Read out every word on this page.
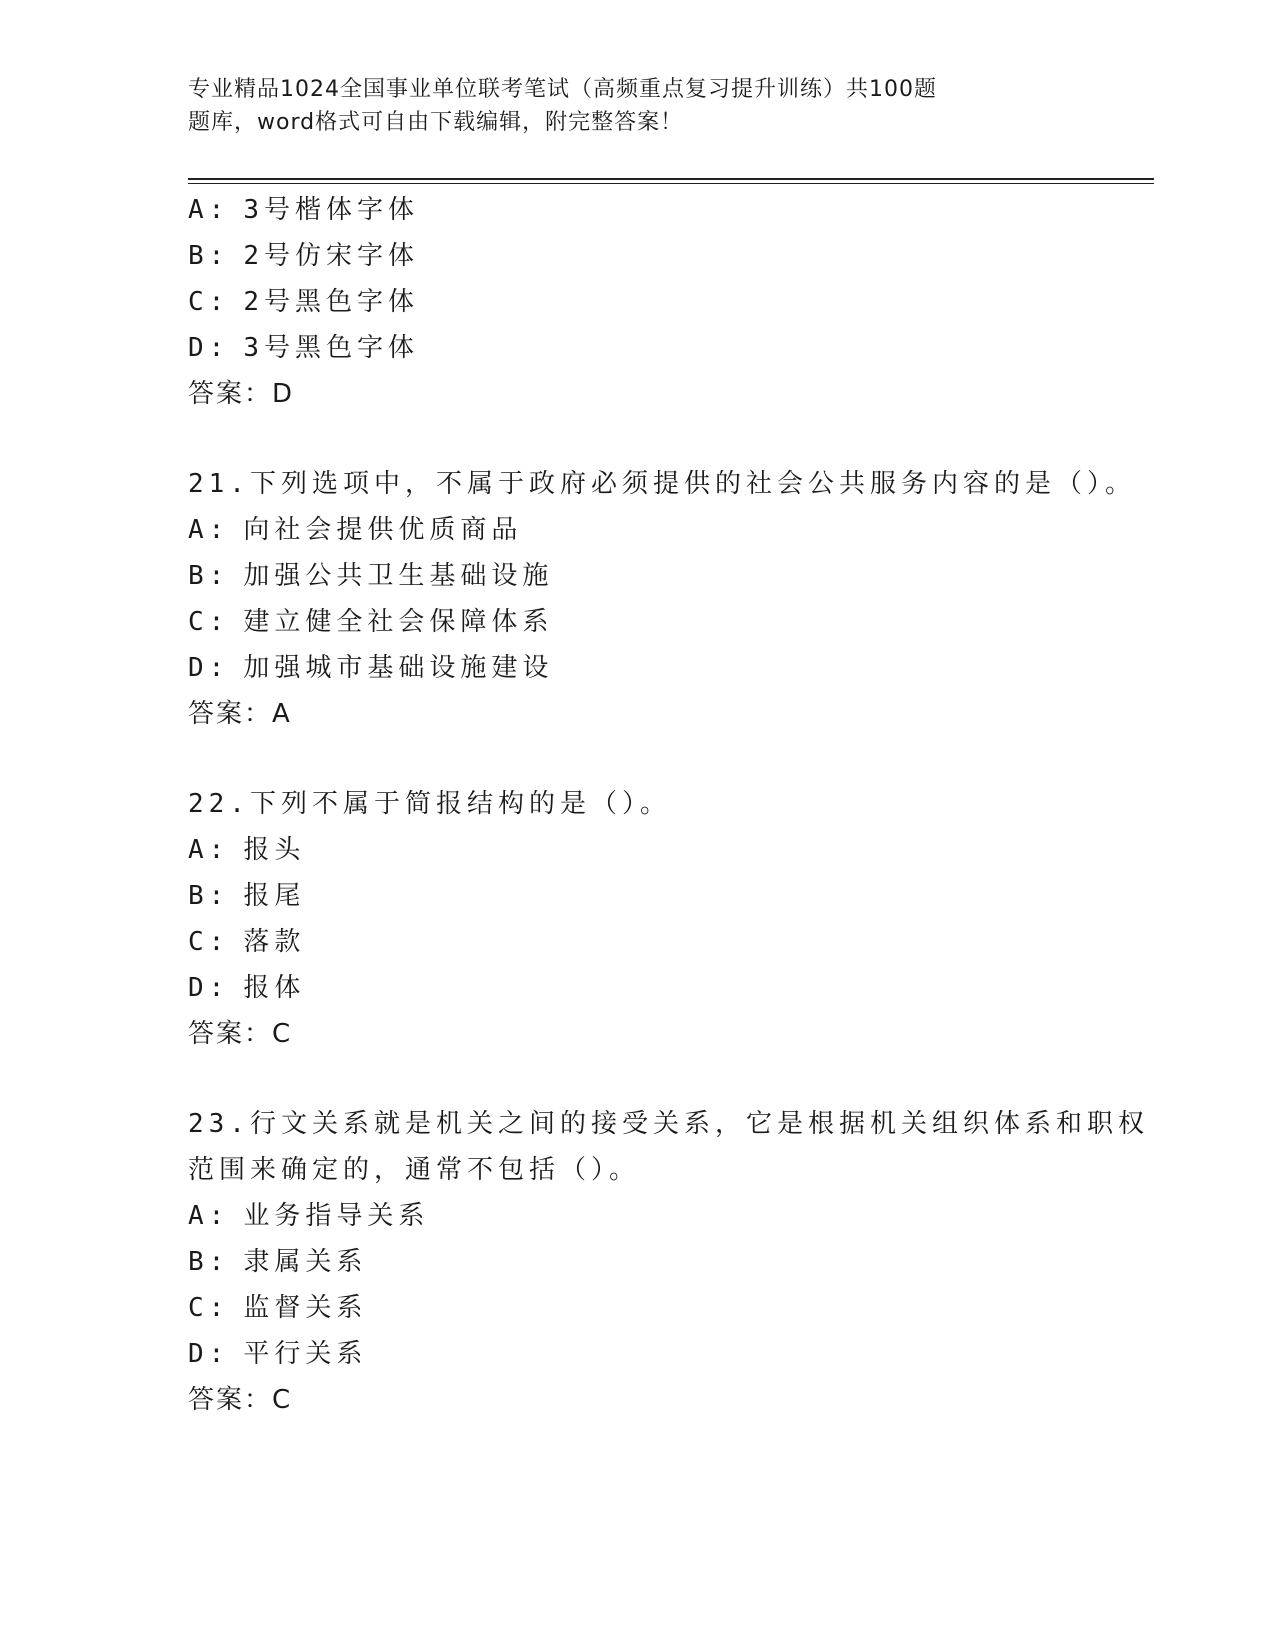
专业精品1024全国事业单位联考笔试（高频重点复习提升训练）共100题
题库，word格式可自由下载编辑，附完整答案！
A: 3号楷体字体
B: 2号仿宋字体
C: 2号黑色字体
D: 3号黑色字体
答案：D
21.下列选项中，不属于政府必须提供的社会公共服务内容的是（）。
A: 向社会提供优质商品
B: 加强公共卫生基础设施
C: 建立健全社会保障体系
D: 加强城市基础设施建设
答案：A
22.下列不属于简报结构的是（）。
A: 报头
B: 报尾
C: 落款
D: 报体
答案：C
23.行文关系就是机关之间的接受关系，它是根据机关组织体系和职权
范围来确定的，通常不包括（）。
A: 业务指导关系
B: 隶属关系
C: 监督关系
D: 平行关系
答案：C
